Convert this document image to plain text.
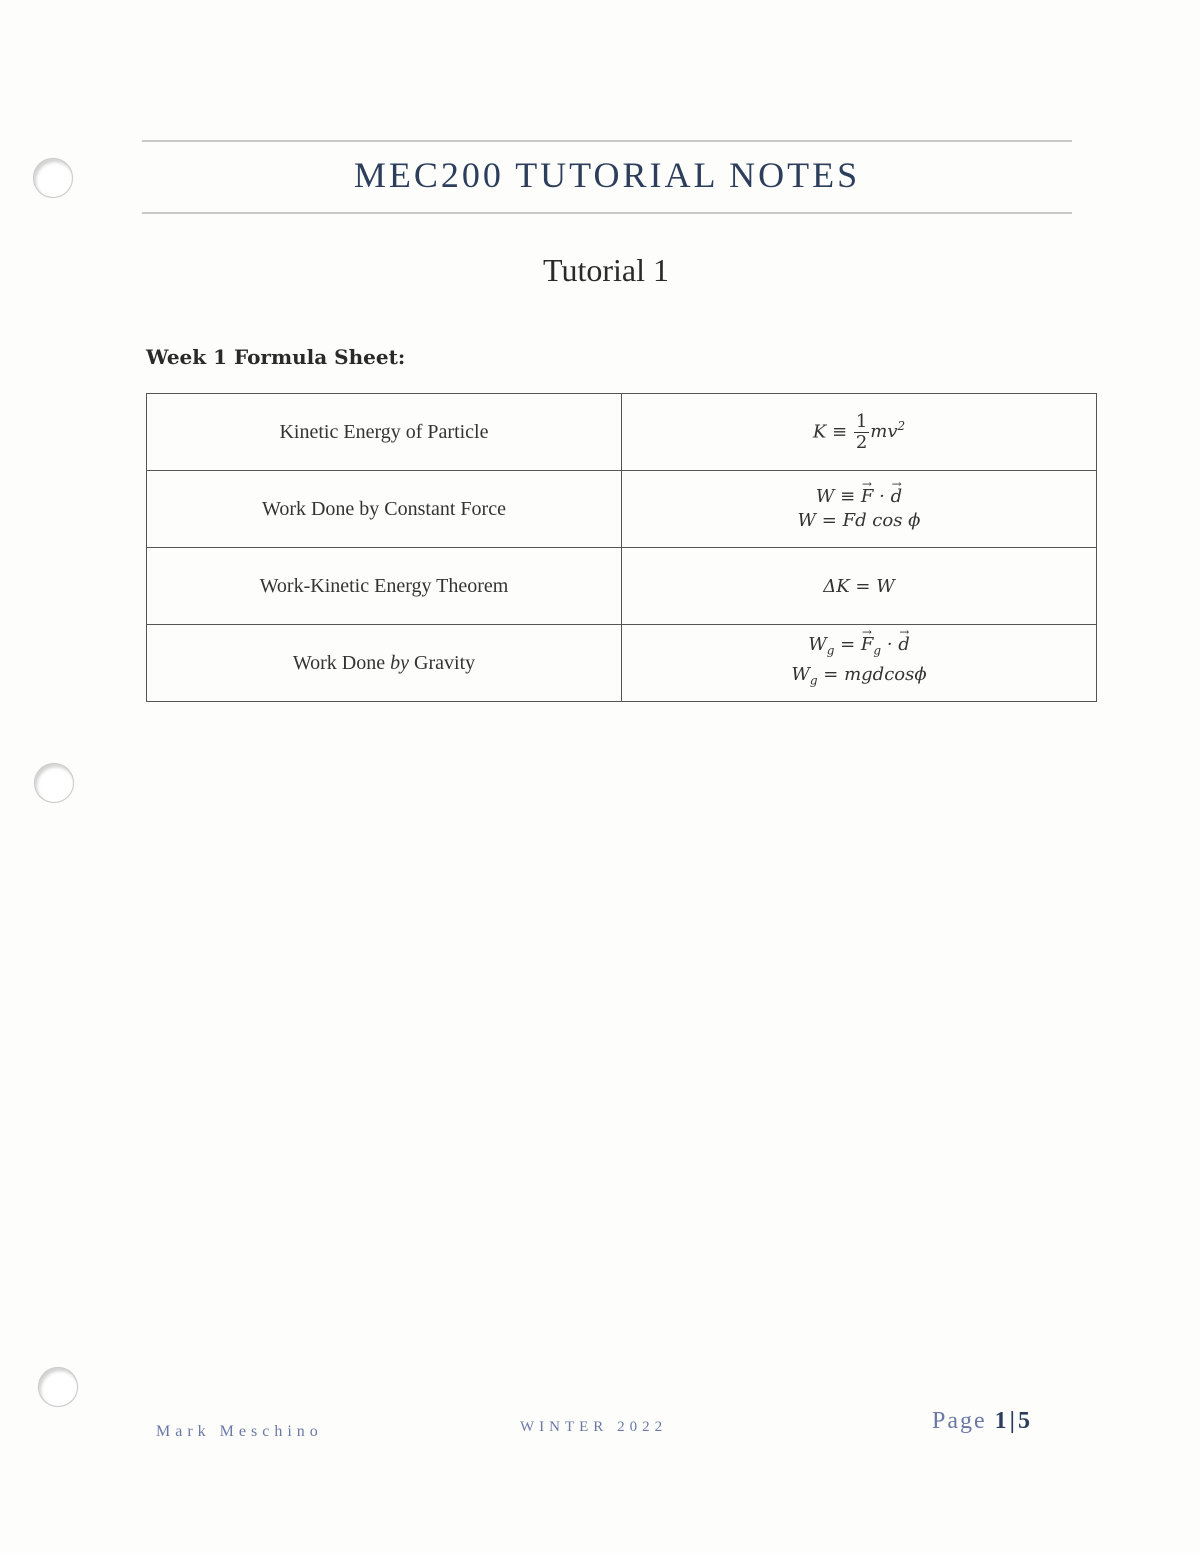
MEC200 TUTORIAL NOTES
Tutorial 1
Week 1 Formula Sheet:
Kinetic Energy of Particle	$K \equiv \frac{1}{2} mv^2$
Work Done by Constant Force	W ≡ → F · → d
W = Fd cos ϕ

Work-Kinetic Energy Theorem	ΔK = W
Work Done by Gravity	$W_g$ = → $F_g$ · → d
$W_g = mgdcos\phi$
Mark Meschino	WINTER 2022	Page 1|5
